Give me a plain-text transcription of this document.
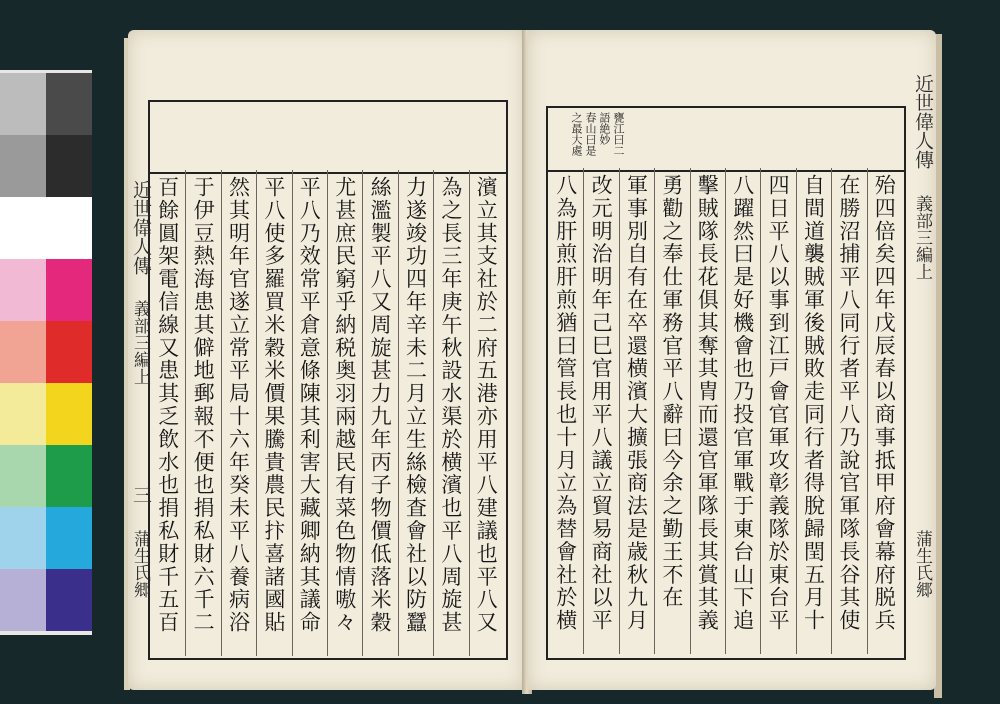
近世偉人傳
義部三編上
三
蒲生氏郷	濱立其支社於二府五港亦用平八建議也平八又
為之長三年庚午秋設水渠於横濱也平八周旋甚
力遂竣功四年辛未二月立生絲檢査會社以防蠶
絲濫製平八又周旋甚力九年丙子物價低落米穀
尤甚庶民窮乎納税奥羽兩越民有菜色物情嗷々
平八乃效常平倉意條陳其利害大藏卿納其議命
平八使多羅買米穀米價果騰貴農民抃喜諸國貼
然其明年官遂立常平局十六年癸未平八養病浴
于伊豆熱海患其僻地郵報不便也捐私財六千二
百餘圓架電信線又患其乏飲水也捐私財千五百
甕江曰二
語絶妙
春山曰是
之最大處	近世偉人傳
義部三編上
蒲生氏郷
殆四倍矣四年戊辰春以商事抵甲府會幕府脱兵
在勝沼捕平八同行者平八乃說官軍隊長谷其使
自間道襲賊軍後賊敗走同行者得脫歸閏五月十
四日平八以事到江戸會官軍攻彰義隊於東台平
八躍然曰是好機會也乃投官軍戰于東台山下追
擊賊隊長花俱其奪其胄而還官軍隊長其賞其義
勇勸之奉仕軍務官平八辭曰今余之勤王不在
軍事別自有在卒還横濱大擴張商法是歳秋九月
改元明治明年己巳官用平八議立貿易商社以平
八為肝煎肝煎猶曰管長也十月立為替會社於横
